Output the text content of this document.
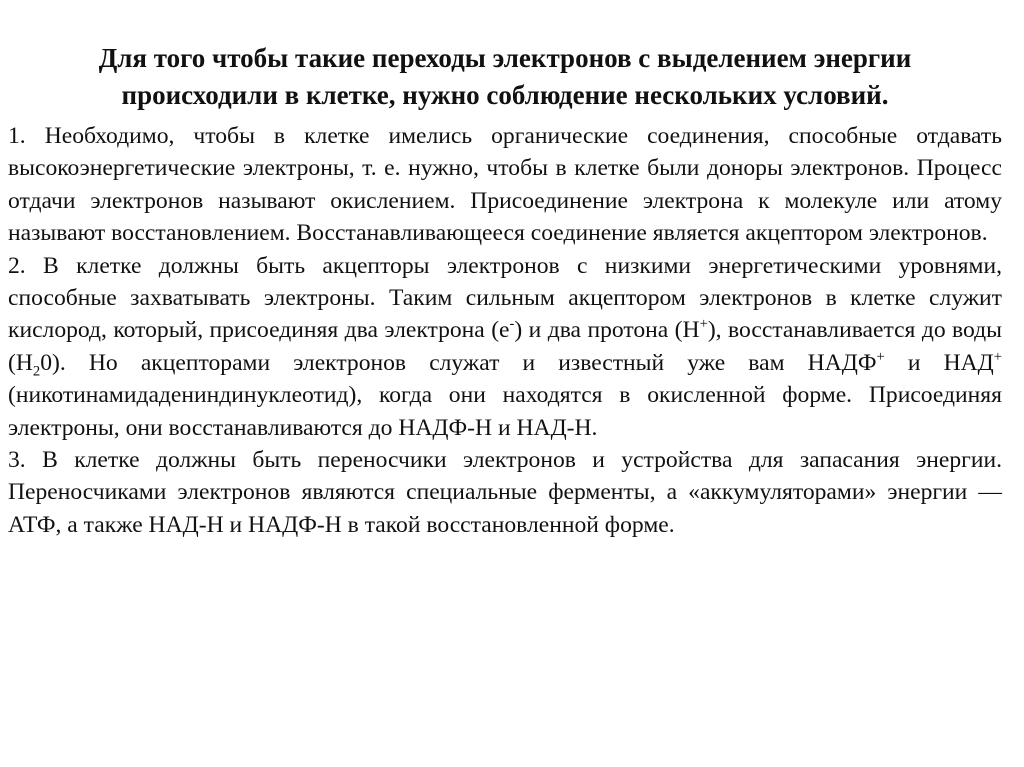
Для того чтобы такие переходы электронов с выделением энергии происходили в клетке, нужно соблюдение нескольких условий.

1. Необходимо, чтобы в клетке имелись органические соединения, способные отдавать высокоэнергетические электроны, т. е. нужно, чтобы в клетке были доноры электронов. Процесс отдачи электронов называют окислением. Присоединение электрона к молекуле или атому называют восстановлением. Восстанавливающееся соединение является акцептором электронов.

2. В клетке должны быть акцепторы электронов с низкими энергетическими уровнями, способные захватывать электроны. Таким сильным акцептором электронов в клетке служит кислород, который, присоединяя два электрона (е-) и два протона (Н+), восстанавливается до воды $(Н_20)$. Но акцепторами электронов служат и известный уже вам НАДФ+ и НАД+ (никотинамидадениндинуклеотид), когда они находятся в окисленной форме. Присоединяя электроны, они восстанавливаются до НАДФ-Н и НАД-Н.

3. В клетке должны быть переносчики электронов и устройства для запасания энергии. Переносчиками электронов являются специальные ферменты, а «аккумуляторами» энергии — АТФ, а также НАД-Н и НАДФ-Н в такой восстановленной форме.
